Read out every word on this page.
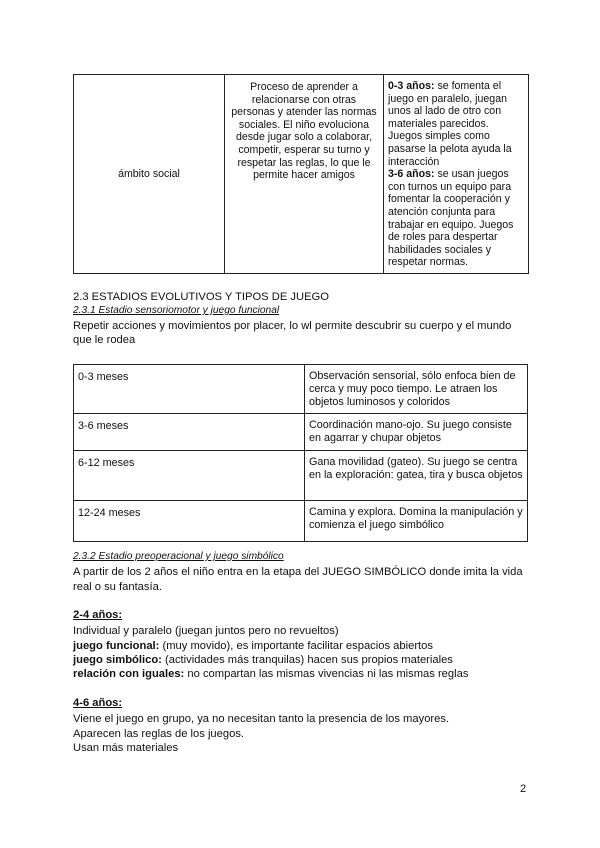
ámbito social	Proceso de aprender a relacionarse con otras personas y atender las normas sociales. El niño evoluciona desde jugar solo a colaborar, competir, esperar su turno y respetar las reglas, lo que le permite hacer amigos	0-3 años: se fomenta el juego en paralelo, juegan unos al lado de otro con materiales parecidos. Juegos simples como pasarse la pelota ayuda la interacción
3-6 años: se usan juegos con turnos un equipo para fomentar la cooperación y atención conjunta para trabajar en equipo. Juegos de roles para despertar habilidades sociales y respetar normas.
2.3 ESTADIOS EVOLUTIVOS Y TIPOS DE JUEGO
2.3.1 Estadio sensoriomotor y juego funcional
Repetir acciones y movimientos por placer, lo wl permite descubrir su cuerpo y el mundo
que le rodea
0-3 meses	Observación sensorial, sólo enfoca bien de cerca y muy poco tiempo. Le atraen los objetos luminosos y coloridos
3-6 meses	Coordinación mano-ojo. Su juego consiste en agarrar y chupar objetos
6-12 meses	Gana movilidad (gateo). Su juego se centra en la exploración: gatea, tira y busca objetos
12-24 meses	Camina y explora. Domina la manipulación y comienza el juego simbólico
2.3.2 Estadio preoperacional y juego simbólico
A partir de los 2 años el niño entra en la etapa del JUEGO SIMBÓLICO donde imita la vida
real o su fantasía.
2-4 años:
Individual y paralelo (juegan juntos pero no revueltos)
juego funcional: (muy movido), es importante facilitar espacios abiertos
juego simbólico: (actividades más tranquilas) hacen sus propios materiales
relación con iguales: no compartan las mismas vivencias ni las mismas reglas
4-6 años:
Viene el juego en grupo, ya no necesitan tanto la presencia de los mayores.
Aparecen las reglas de los juegos.
Usan más materiales
2
